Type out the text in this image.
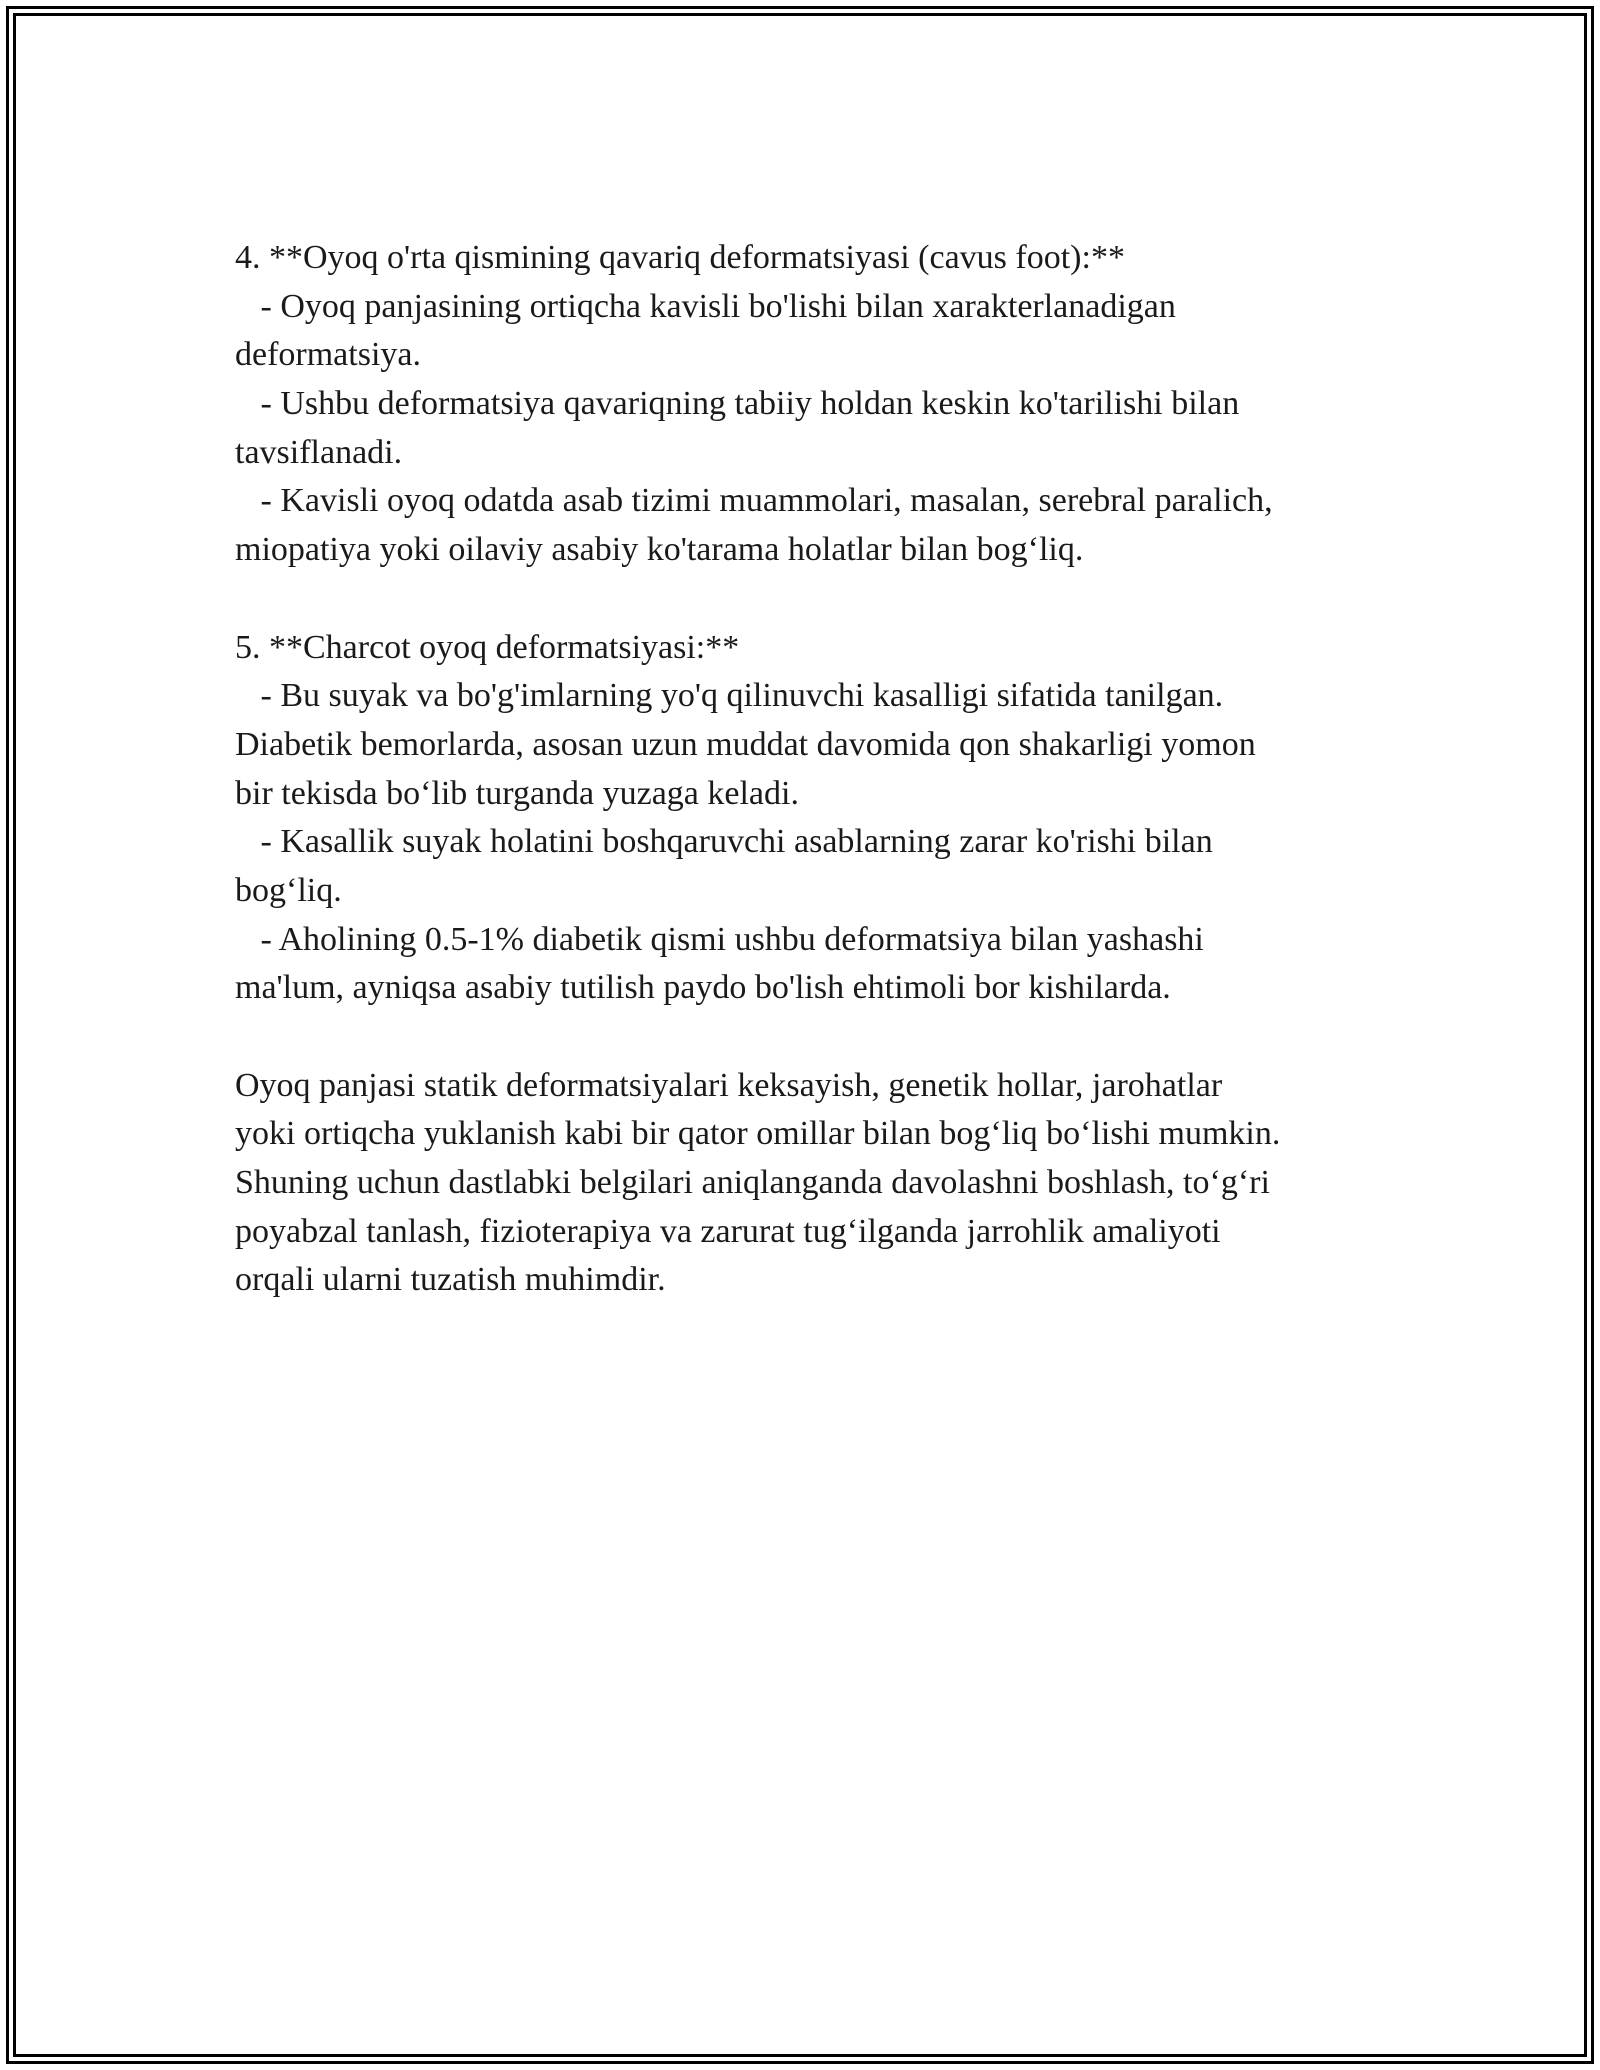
4. **Oyoq o'rta qismining qavariq deformatsiyasi (cavus foot):**

- Oyoq panjasining ortiqcha kavisli bo'lishi bilan xarakterlanadigan

deformatsiya.

- Ushbu deformatsiya qavariqning tabiiy holdan keskin ko'tarilishi bilan

tavsiflanadi.

- Kavisli oyoq odatda asab tizimi muammolari, masalan, serebral paralich,

miopatiya yoki oilaviy asabiy ko'tarama holatlar bilan bog‘liq.

5. **Charcot oyoq deformatsiyasi:**

- Bu suyak va bo'g'imlarning yo'q qilinuvchi kasalligi sifatida tanilgan.

Diabetik bemorlarda, asosan uzun muddat davomida qon shakarligi yomon

bir tekisda bo‘lib turganda yuzaga keladi.

- Kasallik suyak holatini boshqaruvchi asablarning zarar ko'rishi bilan

bog‘liq.

- Aholining 0.5-1% diabetik qismi ushbu deformatsiya bilan yashashi

ma'lum, ayniqsa asabiy tutilish paydo bo'lish ehtimoli bor kishilarda.

Oyoq panjasi statik deformatsiyalari keksayish, genetik hollar, jarohatlar

yoki ortiqcha yuklanish kabi bir qator omillar bilan bog‘liq bo‘lishi mumkin.

Shuning uchun dastlabki belgilari aniqlanganda davolashni boshlash, to‘g‘ri

poyabzal tanlash, fizioterapiya va zarurat tug‘ilganda jarrohlik amaliyoti

orqali ularni tuzatish muhimdir.
